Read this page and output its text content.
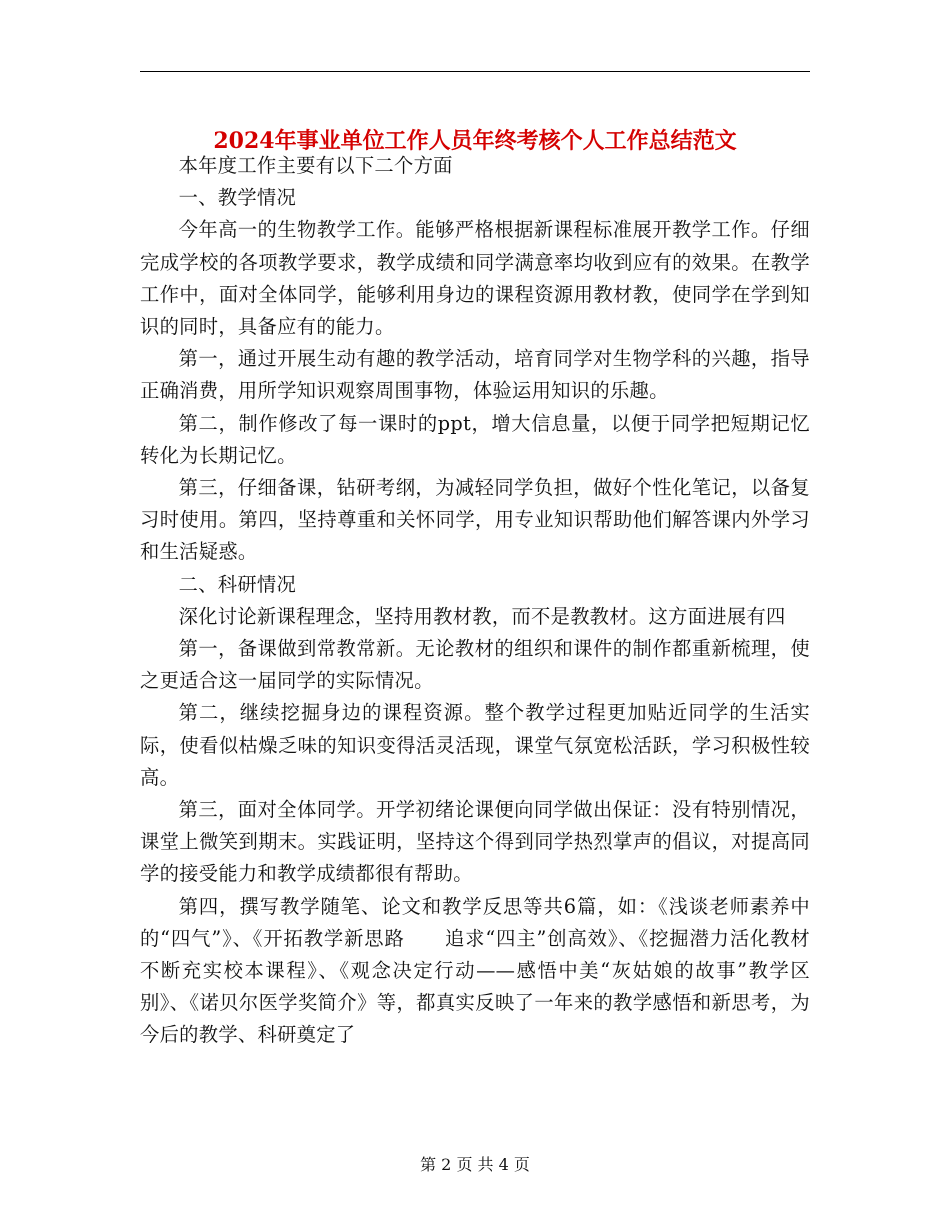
2024年事业单位工作人员年终考核个人工作总结范文

本年度工作主要有以下二个方面

一、教学情况

今年高一的生物教学工作。能够严格根据新课程标准展开教学工作。仔细完成学校的各项教学要求，教学成绩和同学满意率均收到应有的效果。在教学工作中，面对全体同学，能够利用身边的课程资源用教材教，使同学在学到知识的同时，具备应有的能力。

第一，通过开展生动有趣的教学活动，培育同学对生物学科的兴趣，指导正确消费，用所学知识观察周围事物，体验运用知识的乐趣。

第二，制作修改了每一课时的ppt，增大信息量，以便于同学把短期记忆转化为长期记忆。

第三，仔细备课，钻研考纲，为减轻同学负担，做好个性化笔记，以备复习时使用。第四，坚持尊重和关怀同学，用专业知识帮助他们解答课内外学习和生活疑惑。

二、科研情况

深化讨论新课程理念，坚持用教材教，而不是教教材。这方面进展有四

第一，备课做到常教常新。无论教材的组织和课件的制作都重新梳理，使之更适合这一届同学的实际情况。

第二，继续挖掘身边的课程资源。整个教学过程更加贴近同学的生活实际，使看似枯燥乏味的知识变得活灵活现，课堂气氛宽松活跃，学习积极性较高。

第三，面对全体同学。开学初绪论课便向同学做出保证：没有特别情况，课堂上微笑到期末。实践证明，坚持这个得到同学热烈掌声的倡议，对提高同学的接受能力和教学成绩都很有帮助。

第四，撰写教学随笔、论文和教学反思等共6篇，如：《浅谈老师素养中的“四气”》、《开拓教学新思路　　追求“四主”创高效》、《挖掘潜力活化教材　　不断充实校本课程》、《观念决定行动——感悟中美“灰姑娘的故事”教学区别》、《诺贝尔医学奖简介》等，都真实反映了一年来的教学感悟和新思考，为今后的教学、科研奠定了

第 2 页 共 4 页
